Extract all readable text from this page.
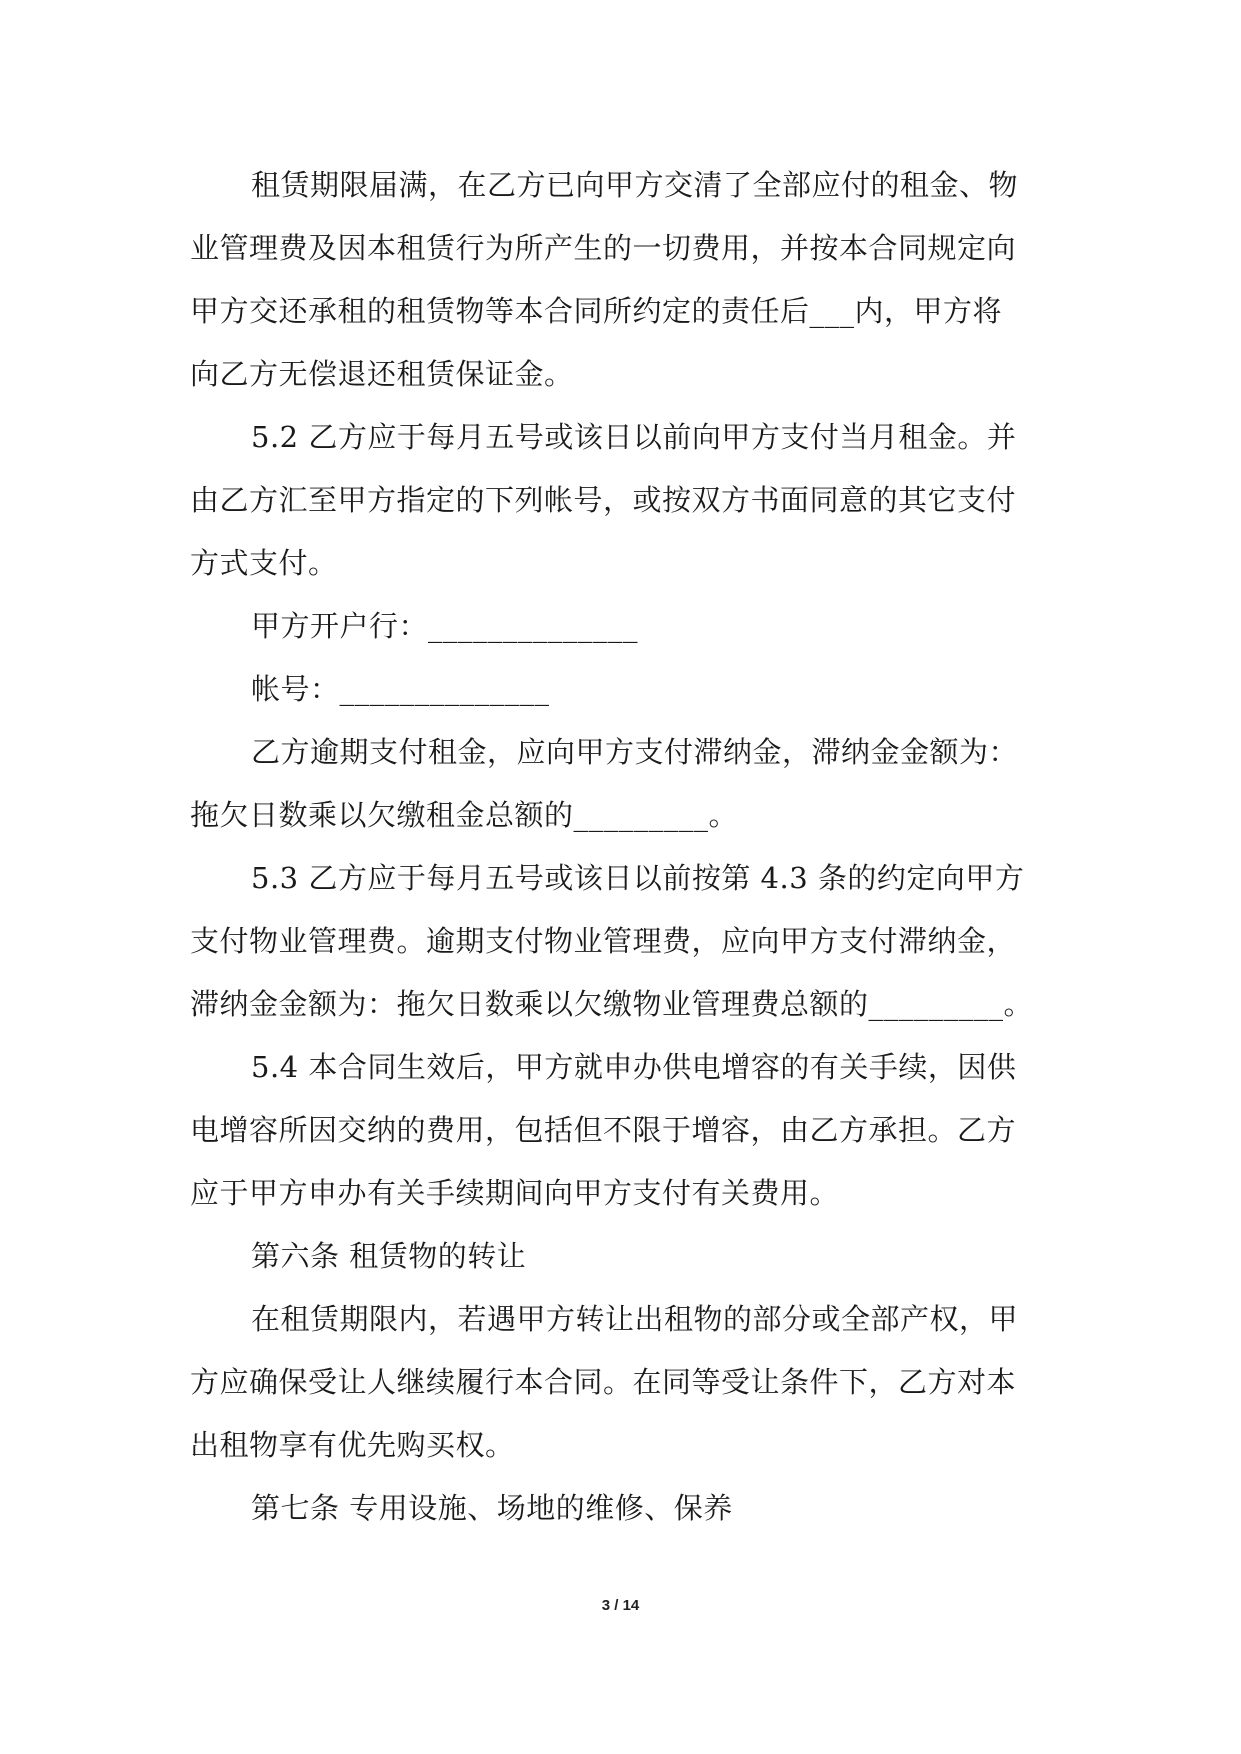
租赁期限届满，在乙方已向甲方交清了全部应付的租金、物
业管理费及因本租赁行为所产生的一切费用，并按本合同规定向
甲方交还承租的租赁物等本合同所约定的责任后___内，甲方将
向乙方无偿退还租赁保证金。

5.2 乙方应于每月五号或该日以前向甲方支付当月租金。并
由乙方汇至甲方指定的下列帐号，或按双方书面同意的其它支付
方式支付。

甲方开户行：______________

帐号：______________

乙方逾期支付租金，应向甲方支付滞纳金，滞纳金金额为：
拖欠日数乘以欠缴租金总额的_________。

5.3 乙方应于每月五号或该日以前按第 4.3 条的约定向甲方
支付物业管理费。逾期支付物业管理费，应向甲方支付滞纳金，
滞纳金金额为：拖欠日数乘以欠缴物业管理费总额的_________。

5.4 本合同生效后，甲方就申办供电增容的有关手续，因供
电增容所因交纳的费用，包括但不限于增容，由乙方承担。乙方
应于甲方申办有关手续期间向甲方支付有关费用。

第六条 租赁物的转让

在租赁期限内，若遇甲方转让出租物的部分或全部产权，甲
方应确保受让人继续履行本合同。在同等受让条件下，乙方对本
出租物享有优先购买权。

第七条 专用设施、场地的维修、保养

3 / 14
